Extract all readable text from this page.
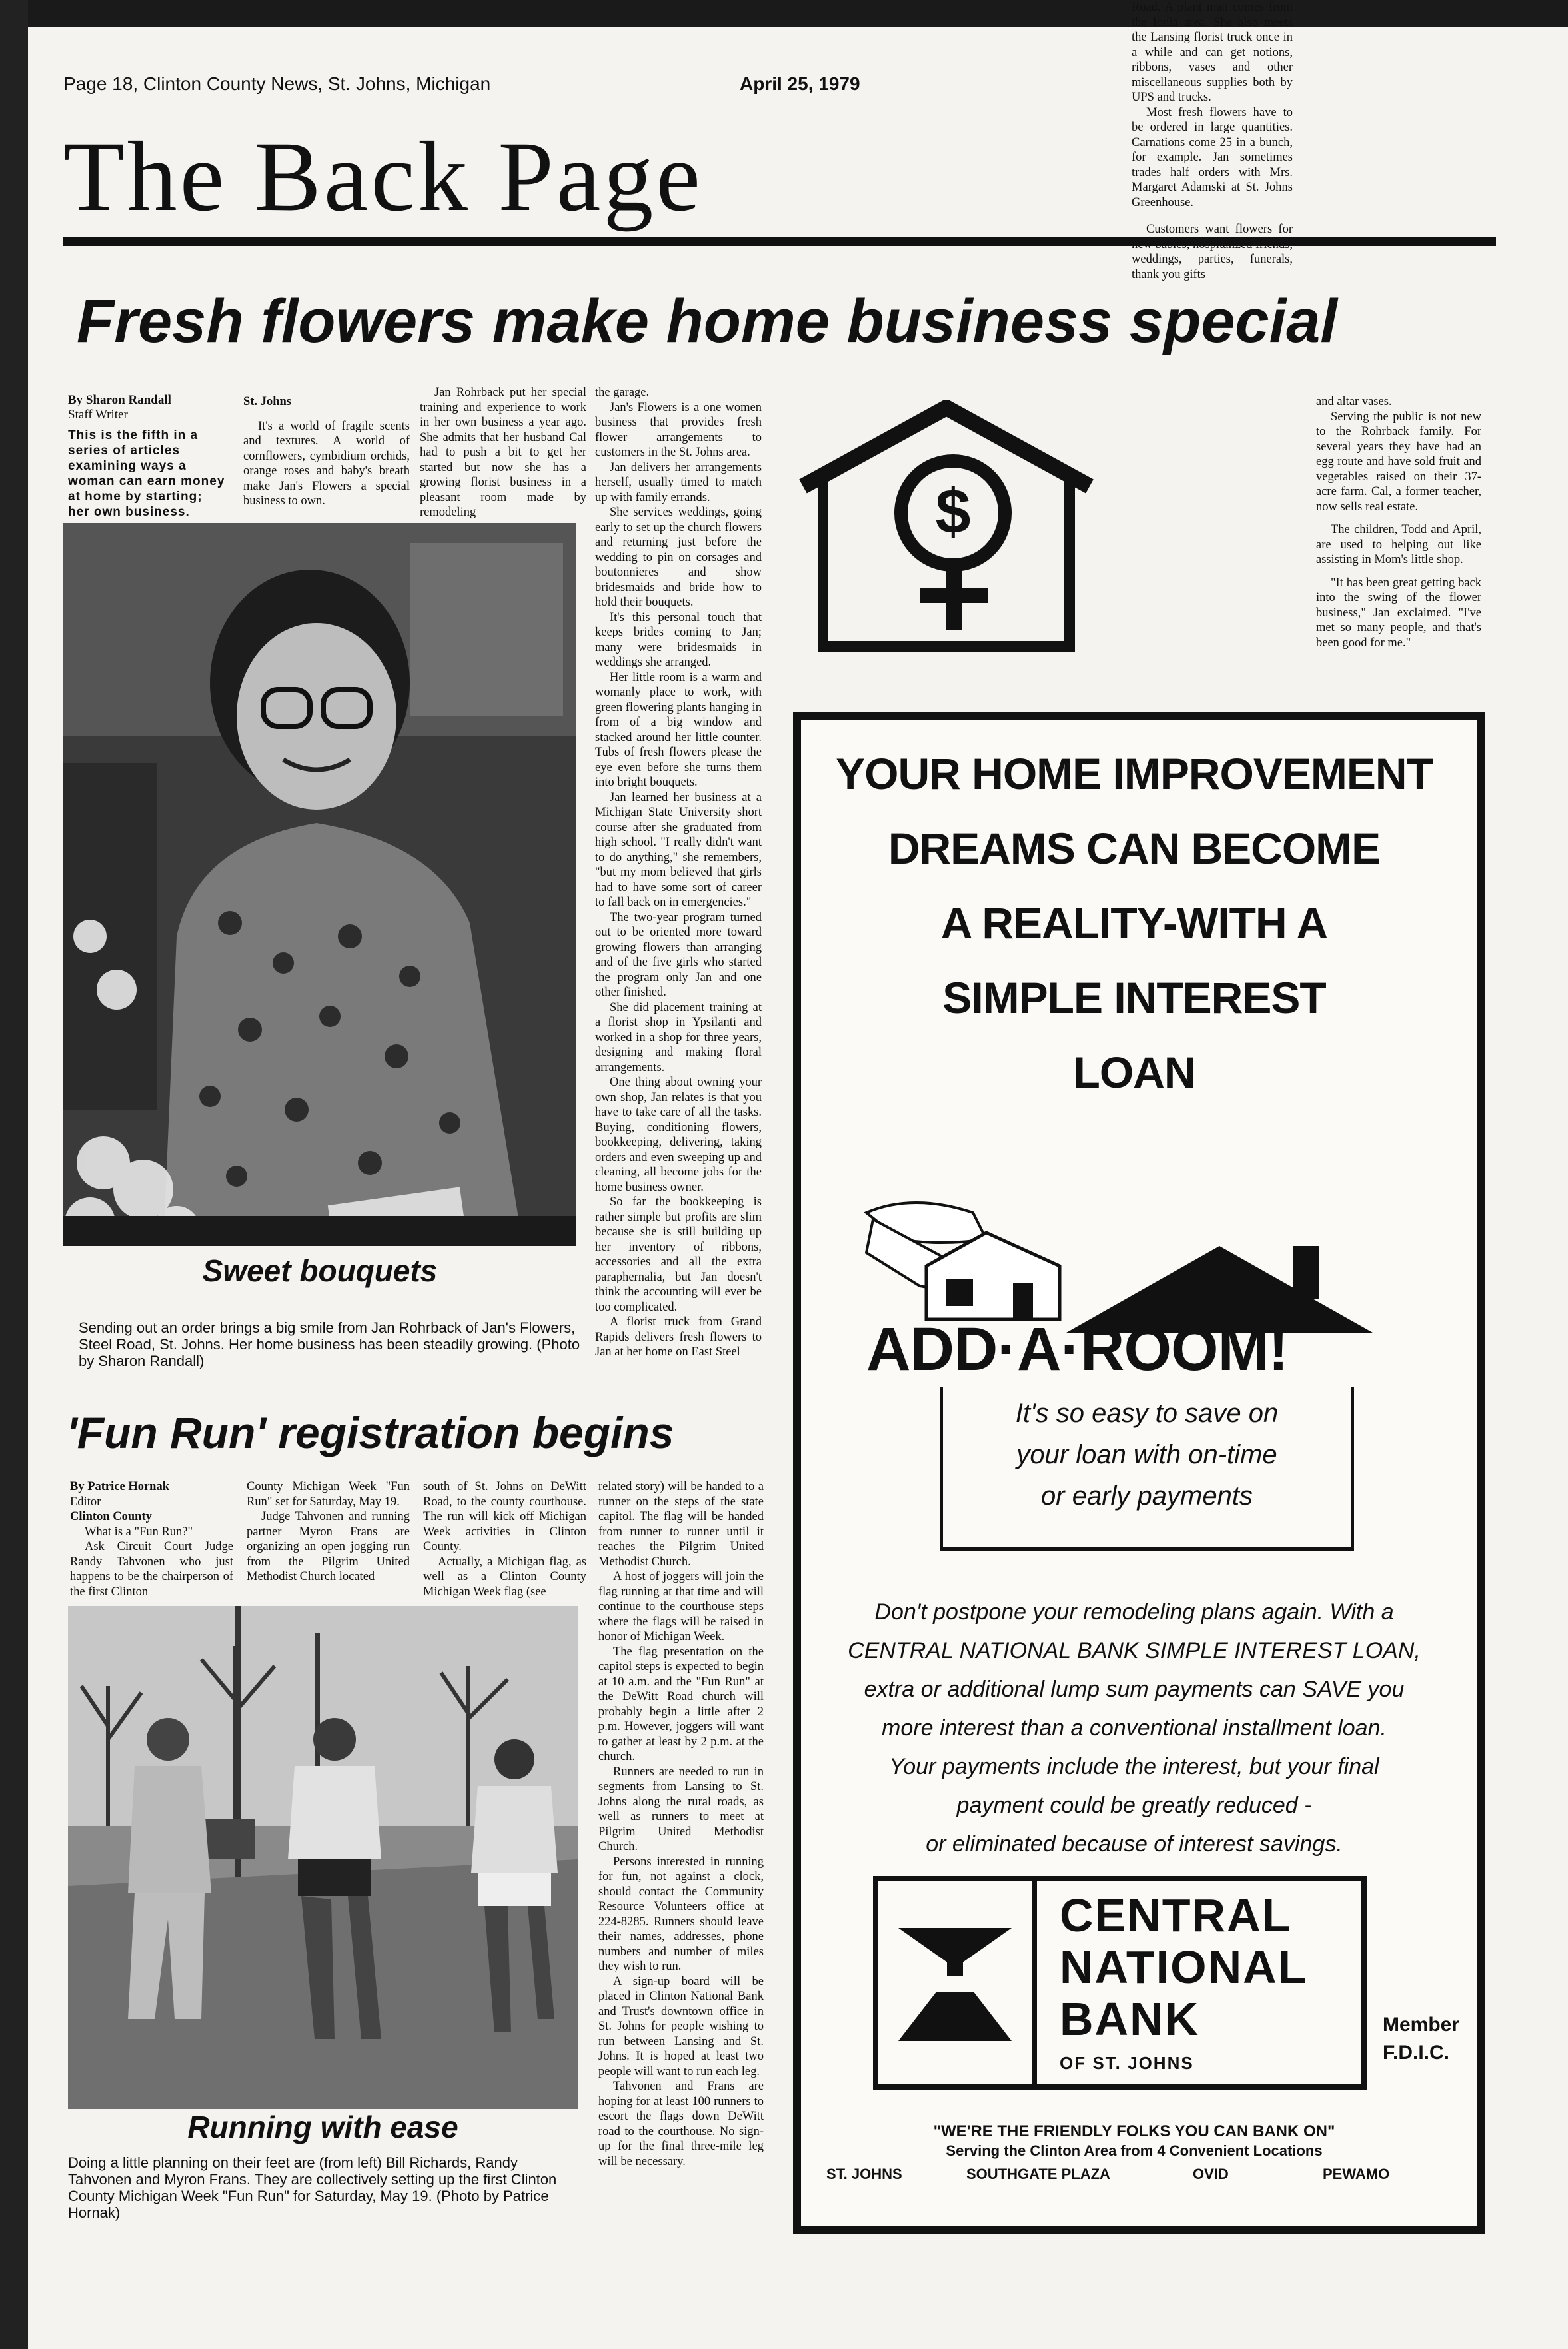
Page 18, Clinton County News, St. Johns, Michigan	April 25, 1979
The Back Page
Fresh flowers make home business special
By Sharon Randall
Staff Writer
This is the fifth in a series of articles examining ways a woman can earn money at home by starting; her own business.

St. Johns

It's a world of fragile scents and textures. A world of cornflowers, cymbidium orchids, orange roses and baby's breath make Jan's Flowers a special business to own.

Jan Rohrback put her special training and experience to work in her own business a year ago. She admits that her husband Cal had to push a bit to get her started but now she has a growing florist business in a pleasant room made by remodeling

Sweet bouquets
Sending out an order brings a big smile from Jan Rohrback of Jan's Flowers, Steel Road, St. Johns. Her home business has been steadily growing. (Photo by Sharon Randall)

the garage.

Jan's Flowers is a one women business that provides fresh flower arrangements to customers in the St. Johns area.

Jan delivers her arrangements herself, usually timed to match up with family errands.

She services weddings, going early to set up the church flowers and returning just before the wedding to pin on corsages and boutonnieres and show bridesmaids and bride how to hold their bouquets.

It's this personal touch that keeps brides coming to Jan; many were bridesmaids in weddings she arranged.

Her little room is a warm and womanly place to work, with green flowering plants hanging in from of a big window and stacked around her little counter. Tubs of fresh flowers please the eye even before she turns them into bright bouquets.

Jan learned her business at a Michigan State University short course after she graduated from high school. "I really didn't want to do anything," she remembers, "but my mom believed that girls had to have some sort of career to fall back on in emergencies."

The two-year program turned out to be oriented more toward growing flowers than arranging and of the five girls who started the program only Jan and one other finished.

She did placement training at a florist shop in Ypsilanti and worked in a shop for three years, designing and making floral arrangements.

One thing about owning your own shop, Jan relates is that you have to take care of all the tasks. Buying, conditioning flowers, bookkeeping, delivering, taking orders and even sweeping up and cleaning, all become jobs for the home business owner.

So far the bookkeeping is rather simple but profits are slim because she is still building up her inventory of ribbons, accessories and all the extra paraphernalia, but Jan doesn't think the accounting will ever be too complicated.

A florist truck from Grand Rapids delivers fresh flowers to Jan at her home on East Steel

$

Road. A plant man comes from the Ionia area. She also meets the Lansing florist truck once in a while and can get notions, ribbons, vases and other miscellaneous supplies both by UPS and trucks.

Most fresh flowers have to be ordered in large quantities. Carnations come 25 in a bunch, for example. Jan sometimes trades half orders with Mrs. Margaret Adamski at St. Johns Greenhouse.

Customers want flowers for new babies, hospitalized friends, weddings, parties, funerals, thank you gifts

and altar vases.

Serving the public is not new to the Rohrback family. For several years they have had an egg route and have sold fruit and vegetables raised on their 37-acre farm. Cal, a former teacher, now sells real estate.

The children, Todd and April, are used to helping out like assisting in Mom's little shop.

"It has been great getting back into the swing of the flower business," Jan exclaimed. "I've met so many people, and that's been good for me."

'Fun Run' registration begins

By Patrice Hornak

Editor

Clinton County

What is a "Fun Run?"

Ask Circuit Court Judge Randy Tahvonen who just happens to be the chairperson of the first Clinton

County Michigan Week "Fun Run" set for Saturday, May 19.

Judge Tahvonen and running partner Myron Frans are organizing an open jogging run from the Pilgrim United Methodist Church located

south of St. Johns on DeWitt Road, to the county courthouse. The run will kick off Michigan Week activities in Clinton County.

Actually, a Michigan flag, as well as a Clinton County Michigan Week flag (see

related story) will be handed to a runner on the steps of the state capitol. The flag will be handed from runner to runner until it reaches the Pilgrim United Methodist Church.

A host of joggers will join the flag running at that time and will continue to the courthouse steps where the flags will be raised in honor of Michigan Week.

The flag presentation on the capitol steps is expected to begin at 10 a.m. and the "Fun Run" at the DeWitt Road church will probably begin a little after 2 p.m. However, joggers will want to gather at least by 2 p.m. at the church.

Runners are needed to run in segments from Lansing to St. Johns along the rural roads, as well as runners to meet at Pilgrim United Methodist Church.

Persons interested in running for fun, not against a clock, should contact the Community Resource Volunteers office at 224-8285. Runners should leave their names, addresses, phone numbers and number of miles they wish to run.

A sign-up board will be placed in Clinton National Bank and Trust's downtown office in St. Johns for people wishing to run between Lansing and St. Johns. It is hoped at least two people will want to run each leg.

Tahvonen and Frans are hoping for at least 100 runners to escort the flags down DeWitt road to the courthouse. No sign-up for the final three-mile leg will be necessary.

Running with ease
Doing a little planning on their feet are (from left) Bill Richards, Randy Tahvonen and Myron Frans. They are collectively setting up the first Clinton County Michigan Week "Fun Run" for Saturday, May 19. (Photo by Patrice Hornak)
YOUR HOME IMPROVEMENT
DREAMS CAN BECOME
A REALITY-WITH A
SIMPLE INTEREST
LOAN
ADD·A·ROOM!
It's so easy to save on
your loan with on-time
or early payments
Don't postpone your remodeling plans again. With a
CENTRAL NATIONAL BANK SIMPLE INTEREST LOAN,
extra or additional lump sum payments can SAVE you
more interest than a conventional installment loan.
Your payments include the interest, but your final
payment could be greatly reduced -
or eliminated because of interest savings.
CENTRAL
NATIONAL
BANK
OF ST. JOHNS
Member
F.D.I.C.
"WE'RE THE FRIENDLY FOLKS YOU CAN BANK ON"
Serving the Clinton Area from 4 Convenient Locations
ST. JOHNS	SOUTHGATE PLAZA	OVID	PEWAMO
